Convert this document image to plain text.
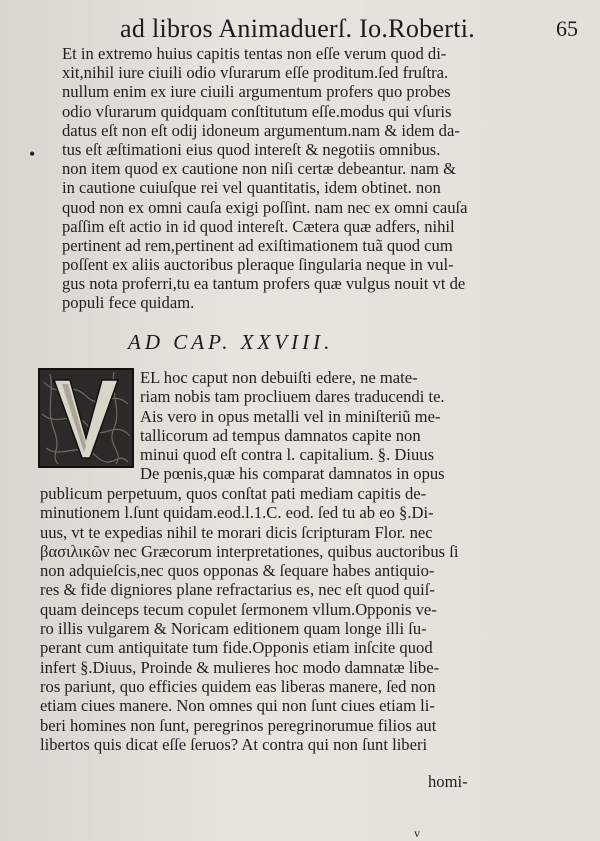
ad libros Animaduerſ. Io.Roberti.	65
Et in extremo huius capitis tentas non eſſe verum quod di-
xit,nihil iure ciuili odio vſurarum eſſe proditum.ſed fruſtra.
nullum enim ex iure ciuili argumentum profers quo probes
odio vſurarum quidquam conſtitutum eſſe.modus qui vſuris
datus eſt non eſt odij idoneum argumentum.nam & idem da-
tus eſt æſtimationi eius quod intereſt & negotiis omnibus.
non item quod ex cautione non niſi certæ debeantur. nam &
in cautione cuiuſque rei vel quantitatis, idem obtinet. non
quod non ex omni cauſa exigi poſſint. nam nec ex omni cauſa
paſſim eſt actio in id quod intereſt. Cætera quæ adfers, nihil
pertinent ad rem,pertinent ad exiſtimationem tuã quod cum
poſſent ex aliis auctoribus pleraque ſingularia neque in vul-
gus nota proferri,tu ea tantum profers quæ vulgus nouit vt de
populi fece quidam.
•
AD CAP. XXVIII.
EL hoc caput non debuiſti edere, ne mate-
riam nobis tam procliuem dares traducendi te.
Ais vero in opus metalli vel in miniſteriũ me-
tallicorum ad tempus damnatos capite non
minui quod eſt contra l. capitalium. §. Diuus
De pœnis,quæ his comparat damnatos in opus
publicum perpetuum, quos conſtat pati mediam capitis de-
minutionem l.ſunt quidam.eod.l.1.C. eod. ſed tu ab eo §.Di-
uus, vt te expedias nihil te morari dicis ſcripturam Flor. nec
βασιλικῶν nec Græcorum interpretationes, quibus auctoribus ſi
non adquieſcis,nec quos opponas & ſequare habes antiquio-
res & fide digniores plane refractarius es, nec eſt quod quiſ-
quam deinceps tecum copulet ſermonem vllum.Opponis ve-
ro illis vulgarem & Noricam editionem quam longe illi ſu-
perant cum antiquitate tum fide.Opponis etiam inſcite quod
infert §.Diuus, Proinde & mulieres hoc modo damnatæ libe-
ros pariunt, quo efficies quidem eas liberas manere, ſed non
etiam ciues manere. Non omnes qui non ſunt ciues etiam li-
beri homines non ſunt, peregrinos peregrinorumue filios aut
libertos quis dicat eſſe ſeruos? At contra qui non ſunt liberi
homi-
v
